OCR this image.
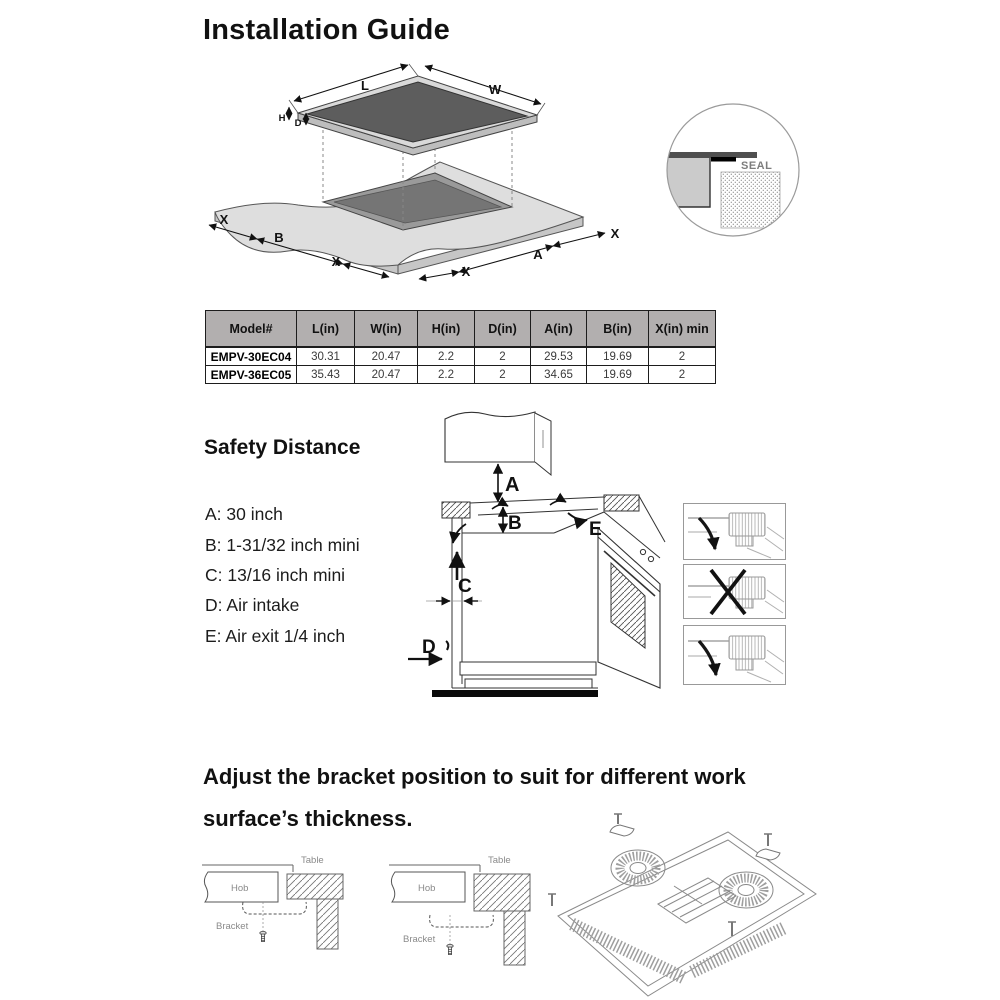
Installation Guide
L	W
H D
X
B
X
X
A
X
SEAL
Model#	L(in)	W(in)	H(in)	D(in)	A(in)	B(in)	X(in) min
EMPV-30EC04	30.31	20.47	2.2	2	29.53	19.69	2
EMPV-36EC05	35.43	20.47	2.2	2	34.65	19.69	2
Safety Distance
A: 30 inch
B: 1-31/32 inch mini
C: 13/16 inch mini
D: Air intake
E: Air exit 1/4 inch
A
B
C
D
E
Adjust the bracket position to suit for different work
surface’s thickness.
Hob
Table
Bracket
Hob
Table
Bracket
